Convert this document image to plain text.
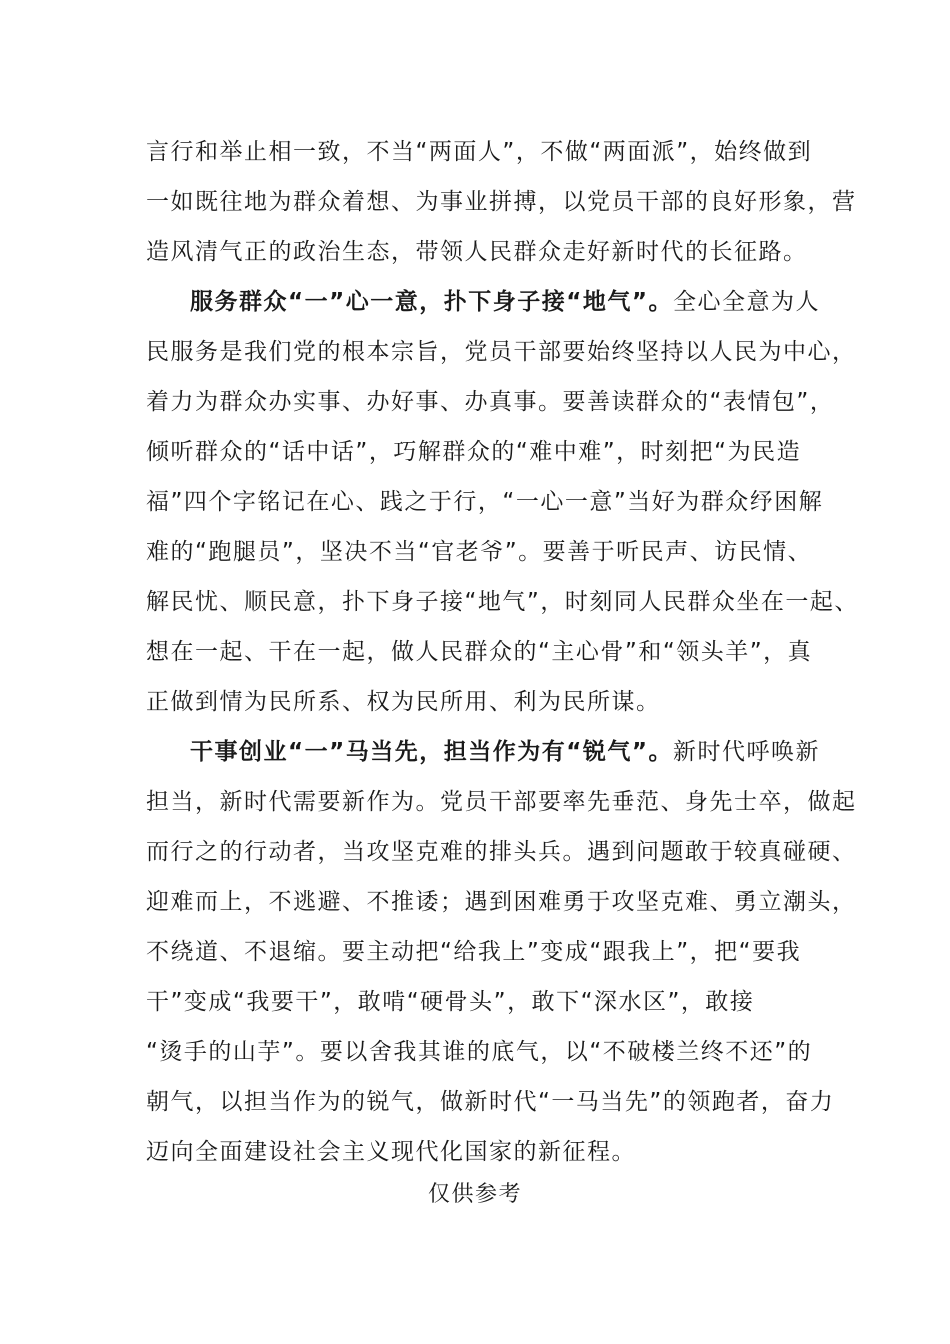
言行和举止相一致，不当“两面人”，不做“两面派”，始终做到
一如既往地为群众着想、为事业拼搏，以党员干部的良好形象，营
造风清气正的政治生态，带领人民群众走好新时代的长征路。
服务群众“一”心一意，扑下身子接“地气”。全心全意为人
民服务是我们党的根本宗旨，党员干部要始终坚持以人民为中心，
着力为群众办实事、办好事、办真事。要善读群众的“表情包”，
倾听群众的“话中话”，巧解群众的“难中难”，时刻把“为民造
福”四个字铭记在心、践之于行，“一心一意”当好为群众纾困解
难的“跑腿员”，坚决不当“官老爷”。要善于听民声、访民情、
解民忧、顺民意，扑下身子接“地气”，时刻同人民群众坐在一起、
想在一起、干在一起，做人民群众的“主心骨”和“领头羊”，真
正做到情为民所系、权为民所用、利为民所谋。
干事创业“一”马当先，担当作为有“锐气”。新时代呼唤新
担当，新时代需要新作为。党员干部要率先垂范、身先士卒，做起
而行之的行动者，当攻坚克难的排头兵。遇到问题敢于较真碰硬、
迎难而上，不逃避、不推诿；遇到困难勇于攻坚克难、勇立潮头，
不绕道、不退缩。要主动把“给我上”变成“跟我上”，把“要我
干”变成“我要干”，敢啃“硬骨头”，敢下“深水区”，敢接
“烫手的山芋”。要以舍我其谁的底气，以“不破楼兰终不还”的
朝气，以担当作为的锐气，做新时代“一马当先”的领跑者，奋力
迈向全面建设社会主义现代化国家的新征程。
仅供参考
